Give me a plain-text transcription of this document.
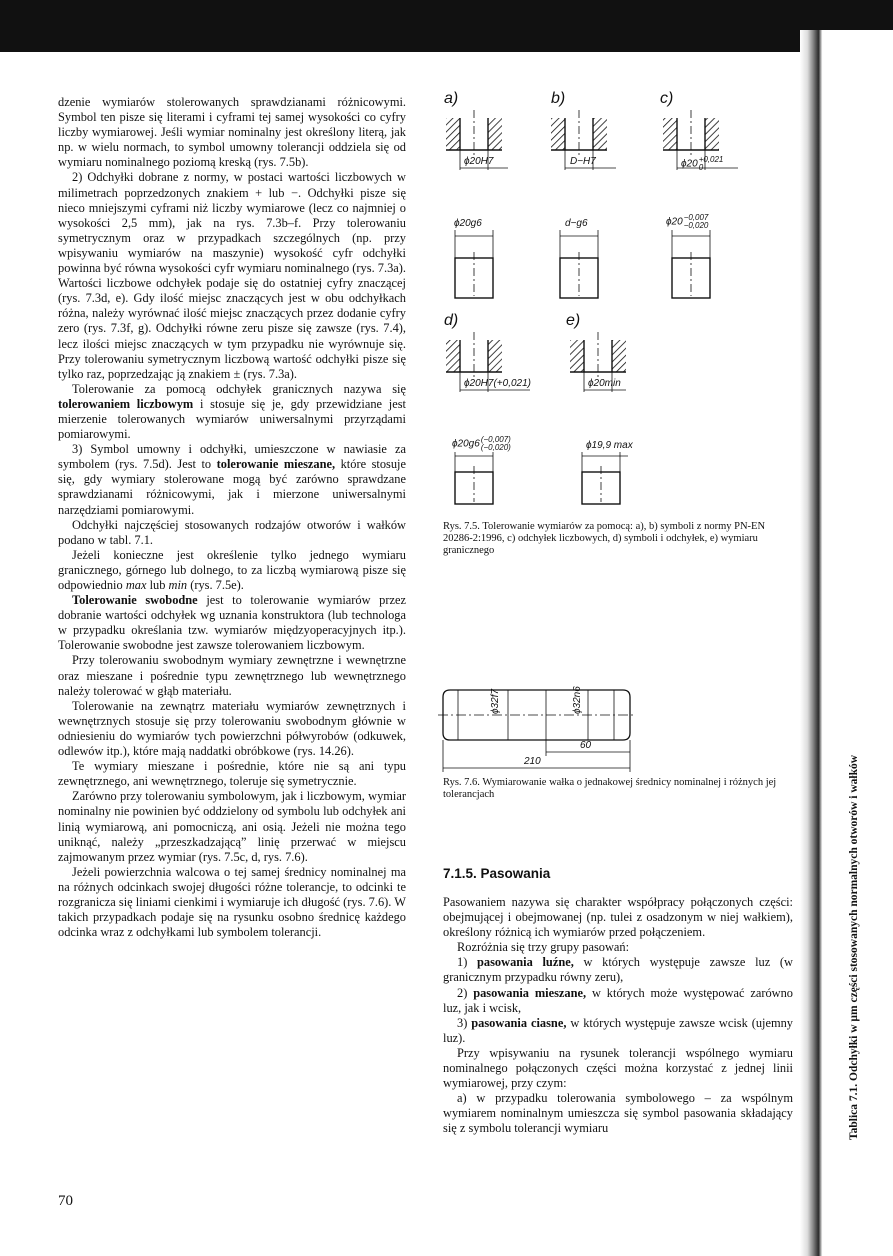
dzenie wymiarów stolerowanych sprawdzianami różnicowymi. Symbol ten pisze się literami i cyframi tej samej wysokości co cyfry liczby wymiarowej. Jeśli wymiar nominalny jest określony literą, jak np. w wielu normach, to symbol umowny tolerancji oddziela się od wymiaru nominalnego poziomą kreską (rys. 7.5b).

2) Odchyłki dobrane z normy, w postaci wartości liczbowych w milimetrach poprzedzonych znakiem + lub −. Odchyłki pisze się nieco mniejszymi cyframi niż liczby wymiarowe (lecz co najmniej o wysokości 2,5 mm), jak na rys. 7.3b–f. Przy tolerowaniu symetrycznym oraz w przypadkach szczególnych (np. przy wpisywaniu wymiarów na maszynie) wysokość cyfr odchyłki powinna być równa wysokości cyfr wymiaru nominalnego (rys. 7.3a). Wartości liczbowe odchyłek podaje się do ostatniej cyfry znaczącej (rys. 7.3d, e). Gdy ilość miejsc znaczących jest w obu odchyłkach różna, należy wyrównać ilość miejsc znaczących przez dodanie cyfry zero (rys. 7.3f, g). Odchyłki równe zeru pisze się zawsze (rys. 7.4), lecz ilości miejsc znaczących w tym przypadku nie wyrównuje się. Przy tolerowaniu symetrycznym liczbową wartość odchyłki pisze się tylko raz, poprzedzając ją znakiem ± (rys. 7.3a).

Tolerowanie za pomocą odchyłek granicznych nazywa się tolerowaniem liczbowym i stosuje się je, gdy przewidziane jest mierzenie tolerowanych wymiarów uniwersalnymi przyrządami pomiarowymi.

3) Symbol umowny i odchyłki, umieszczone w nawiasie za symbolem (rys. 7.5d). Jest to tolerowanie mieszane, które stosuje się, gdy wymiary stolerowane mogą być zarówno sprawdzane sprawdzianami różnicowymi, jak i mierzone uniwersalnymi narzędziami pomiarowymi.

Odchyłki najczęściej stosowanych rodzajów otworów i wałków podano w tabl. 7.1.

Jeżeli konieczne jest określenie tylko jednego wymiaru granicznego, górnego lub dolnego, to za liczbą wymiarową pisze się odpowiednio max lub min (rys. 7.5e).

Tolerowanie swobodne jest to tolerowanie wymiarów przez dobranie wartości odchyłek wg uznania konstruktora (lub technologa w przypadku określania tzw. wymiarów międzyoperacyjnych itp.). Tolerowanie swobodne jest zawsze tolerowaniem liczbowym.

Przy tolerowaniu swobodnym wymiary zewnętrzne i wewnętrzne oraz mieszane i pośrednie typu zewnętrznego lub wewnętrznego należy tolerować w głąb materiału.

Tolerowanie na zewnątrz materiału wymiarów zewnętrznych i wewnętrznych stosuje się przy tolerowaniu swobodnym głównie w odniesieniu do wymiarów tych powierzchni półwyrobów (odkuwek, odlewów itp.), które mają naddatki obróbkowe (rys. 14.26).

Te wymiary mieszane i pośrednie, które nie są ani typu zewnętrznego, ani wewnętrznego, toleruje się symetrycznie.

Zarówno przy tolerowaniu symbolowym, jak i liczbowym, wymiar nominalny nie powinien być oddzielony od symbolu lub odchyłek ani linią wymiarową, ani pomocniczą, ani osią. Jeżeli nie można tego uniknąć, należy „przeszkadzającą” linię przerwać w miejscu zajmowanym przez wymiar (rys. 7.5c, d, rys. 7.6).

Jeżeli powierzchnia walcowa o tej samej średnicy nominalnej ma na różnych odcinkach swojej długości różne tolerancje, to odcinki te rozgranicza się liniami cienkimi i wymiaruje ich długość (rys. 7.6). W takich przypadkach podaje się na rysunku osobno średnicę każdego odcinka wraz z odchyłkami lub symbolem tolerancji.

70
a)	b)	c)
d)	e)
ϕ20H7	D−H7	ϕ20 +0,021
0
ϕ20g6	d−g6	ϕ20 −0,007
−0,020
ϕ20H7(+0,021)	ϕ20min
ϕ20g6 (−0,007)
(−0,020)	ϕ19,9 max
Rys. 7.5. Tolerowanie wymiarów za pomocą: a), b) symboli z normy PN-EN 20286-2:1996, c) odchyłek liczbowych, d) symboli i odchyłek, e) wymiaru granicznego
ϕ32f7	ϕ32n6
60
210
Rys. 7.6. Wymiarowanie wałka o jednakowej średnicy nominalnej i różnych jej tolerancjach
7.1.5. Pasowania

Pasowaniem nazywa się charakter współpracy połączonych części: obejmującej i obejmowanej (np. tulei z osadzonym w niej wałkiem), określony różnicą ich wymiarów przed połączeniem.

Rozróżnia się trzy grupy pasowań:

1) pasowania luźne, w których występuje zawsze luz (w granicznym przypadku równy zeru),

2) pasowania mieszane, w których może występować zarówno luz, jak i wcisk,

3) pasowania ciasne, w których występuje zawsze wcisk (ujemny luz).

Przy wpisywaniu na rysunek tolerancji wspólnego wymiaru nominalnego połączonych części można korzystać z jednej linii wymiarowej, przy czym:

a) w przypadku tolerowania symbolowego – za wspólnym wymiarem nominalnym umieszcza się symbol pasowania składający się z symbolu tolerancji wymiaru	Tablica 7.1. Odchyłki w µm części stosowanych normalnych otworów i wałków
